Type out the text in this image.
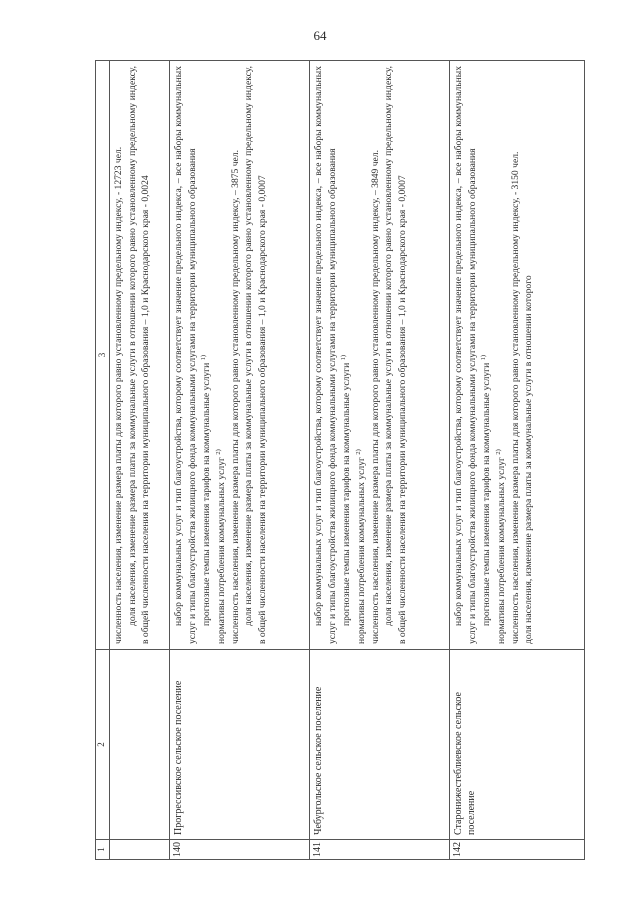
64
1
2
3 численность населения, изменение размера платы для которого равно установленному предельному индексу, - 12723 чел. доля населения, изменение размера платы за коммунальные услуги в отношении которого равно установленному предельному индексу, в общей численности населения на территории муниципального образования – 1,0 и Краснодарского края - 0,0024

140
Прогрессивское сельское поселение

набор коммунальных услуг и тип благоустройства, которому соответствует значение предельного индекса, – все наборы коммунальных услуг и типы благоустройства жилищного фонда коммунальными услугами на территории муниципального образования прогнозные темпы изменения тарифов на коммунальные услуги $^{1)}$

нормативы потребления коммунальных услуг $^{2)}$ численность населения, изменение размера платы для которого равно установленному предельному индексу, – 3875 чел. доля населения, изменение размера платы за коммунальные услуги в отношении которого равно установленному предельному индексу, в общей численности населения на территории муниципального образования – 1,0 и Краснодарского края - 0,0007

141
Чебургольское сельское поселение

набор коммунальных услуг и тип благоустройства, которому соответствует значение предельного индекса, – все наборы коммунальных услуг и типы благоустройства жилищного фонда коммунальными услугами на территории муниципального образования прогнозные темпы изменения тарифов на коммунальные услуги $^{1)}$

нормативы потребления коммунальных услуг $^{2)}$ численность населения, изменение размера платы для которого равно установленному предельному индексу, – 3849 чел. доля населения, изменение размера платы за коммунальные услуги в отношении которого равно установленному предельному индексу, в общей численности населения на территории муниципального образования – 1,0 и Краснодарского края - 0,0007

142
Старонижестеблиевское сельское поселение

набор коммунальных услуг и тип благоустройства, которому соответствует значение предельного индекса, – все наборы коммунальных услуг и типы благоустройства жилищного фонда коммунальными услугами на территории муниципального образования прогнозные темпы изменения тарифов на коммунальные услуги $^{1)}$

нормативы потребления коммунальных услуг $^{2)}$ численность населения, изменение размера платы для которого равно установленному предельному индексу, - 3150 чел. доля населения, изменение размера платы за коммунальные услуги в отношении которого
